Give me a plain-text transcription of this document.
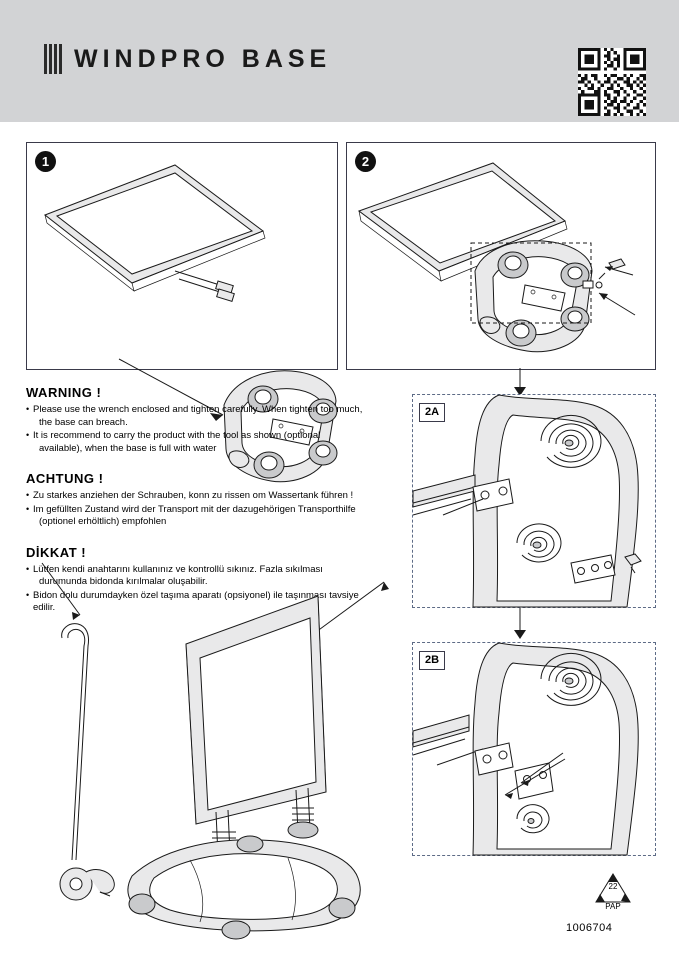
WINDPRO BASE
1	2
WARNING !
• Please use the wrench enclosed and tighten carefully. When tighten too much,
the base can breach.
• It is recommend to carry the product with the tool as shown (optional
available), when the base is full with water
ACHTUNG !
• Zu starkes anziehen der Schrauben, konn zu rissen om Wassertank führen !
• Im gefüllten Zustand wird der Transport mit der dazugehörigen Transporthilfe
(optionel erhöltlich) empfohlen
DİKKAT !
• Lütfen kendi anahtarını kullanınız ve kontrollü sıkınız. Fazla sıkılması
durumunda bidonda kırılmalar oluşabilir.
• Bidon dolu durumdayken özel taşıma aparatı (opsiyonel) ile taşınması tavsiye edilir.
2A
2B
22
PAP
1006704
